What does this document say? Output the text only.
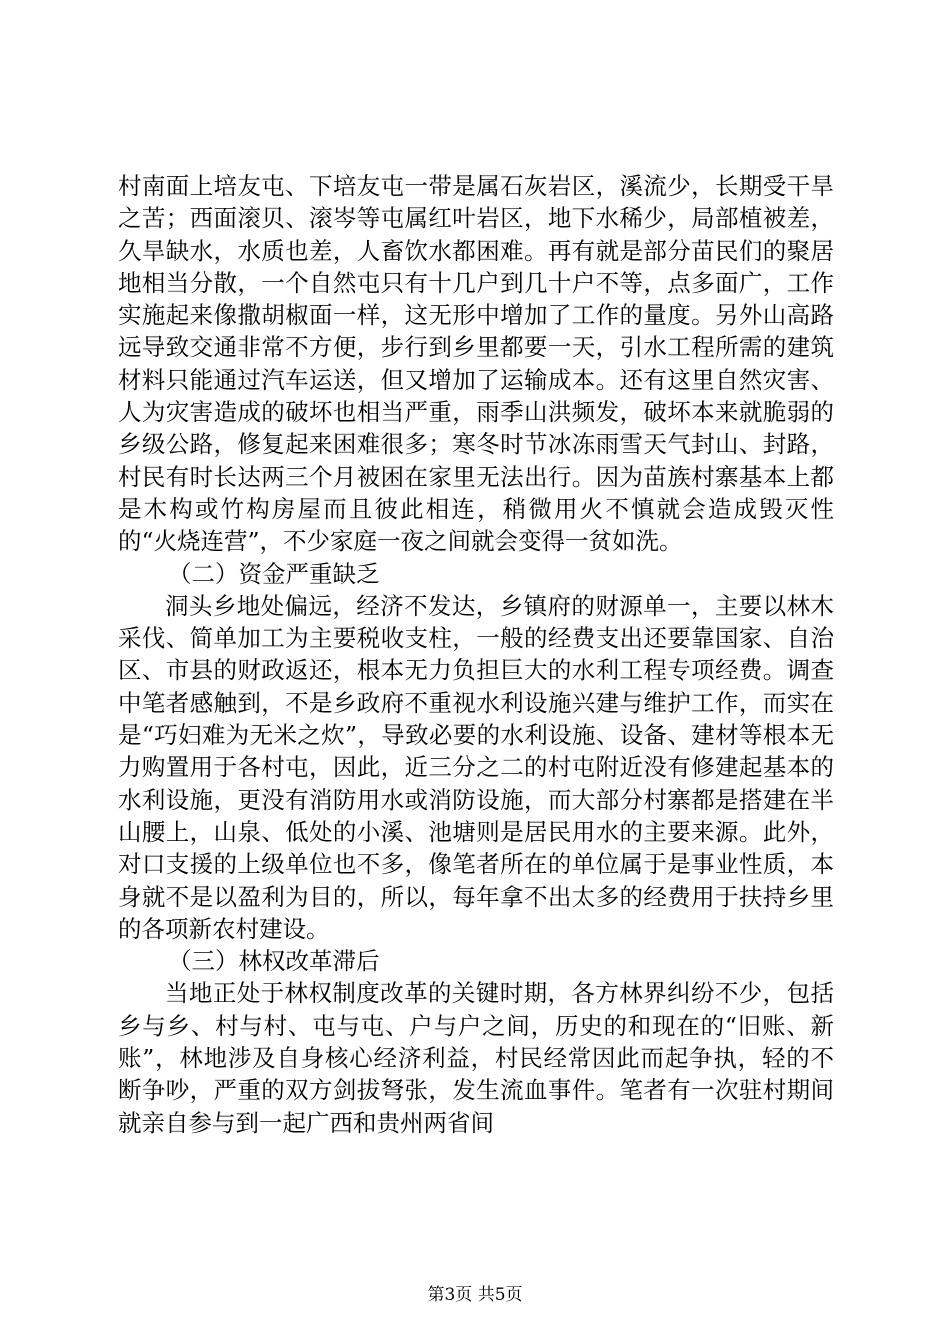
村南面上培友屯、下培友屯一带是属石灰岩区，溪流少，长期受干旱之苦；西面滚贝、滚岑等屯属红叶岩区，地下水稀少，局部植被差，久旱缺水，水质也差，人畜饮水都困难。再有就是部分苗民们的聚居地相当分散，一个自然屯只有十几户到几十户不等，点多面广，工作实施起来像撒胡椒面一样，这无形中增加了工作的量度。另外山高路远导致交通非常不方便，步行到乡里都要一天，引水工程所需的建筑材料只能通过汽车运送，但又增加了运输成本。还有这里自然灾害、人为灾害造成的破坏也相当严重，雨季山洪频发，破坏本来就脆弱的乡级公路，修复起来困难很多；寒冬时节冰冻雨雪天气封山、封路，村民有时长达两三个月被困在家里无法出行。因为苗族村寨基本上都是木构或竹构房屋而且彼此相连，稍微用火不慎就会造成毁灭性的“火烧连营”，不少家庭一夜之间就会变得一贫如洗。

（二）资金严重缺乏

洞头乡地处偏远，经济不发达，乡镇府的财源单一，主要以林木采伐、简单加工为主要税收支柱，一般的经费支出还要靠国家、自治区、市县的财政返还，根本无力负担巨大的水利工程专项经费。调查中笔者感触到，不是乡政府不重视水利设施兴建与维护工作，而实在是“巧妇难为无米之炊”，导致必要的水利设施、设备、建材等根本无力购置用于各村屯，因此，近三分之二的村屯附近没有修建起基本的水利设施，更没有消防用水或消防设施，而大部分村寨都是搭建在半山腰上，山泉、低处的小溪、池塘则是居民用水的主要来源。此外，对口支援的上级单位也不多，像笔者所在的单位属于是事业性质，本身就不是以盈利为目的，所以，每年拿不出太多的经费用于扶持乡里的各项新农村建设。

（三）林权改革滞后

当地正处于林权制度改革的关键时期，各方林界纠纷不少，包括乡与乡、村与村、屯与屯、户与户之间，历史的和现在的“旧账、新账”，林地涉及自身核心经济利益，村民经常因此而起争执，轻的不断争吵，严重的双方剑拔弩张，发生流血事件。笔者有一次驻村期间就亲自参与到一起广西和贵州两省间

第3页 共5页
